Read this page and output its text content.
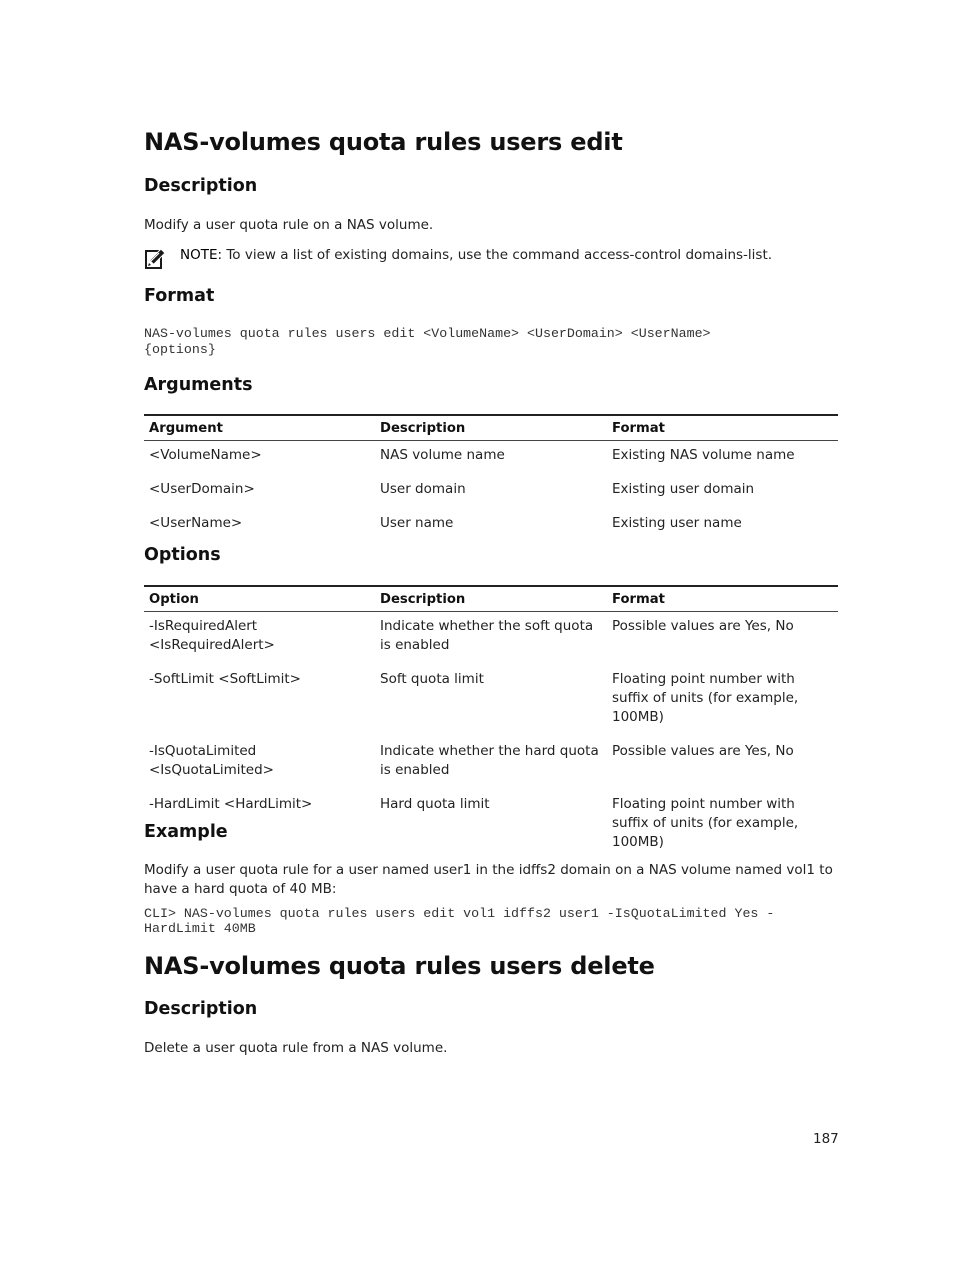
NAS-volumes quota rules users edit
Description

Modify a user quota rule on a NAS volume.

NOTE: To view a list of existing domains, use the command access-control domains-list.
Format
NAS-volumes quota rules users edit <VolumeName> <UserDomain> <UserName>
{options}
Arguments
Argument	Description	Format
<VolumeName>	NAS volume name	Existing NAS volume name
<UserDomain>	User domain	Existing user domain
<UserName>	User name	Existing user name
Options
Option	Description	Format
-IsRequiredAlert <IsRequiredAlert>	Indicate whether the soft quota is enabled	Possible values are Yes, No
-SoftLimit <SoftLimit>	Soft quota limit	Floating point number with suffix of units (for example, 100MB)
-IsQuotaLimited <IsQuotaLimited>	Indicate whether the hard quota is enabled	Possible values are Yes, No
-HardLimit <HardLimit>	Hard quota limit	Floating point number with suffix of units (for example, 100MB)
Example

Modify a user quota rule for a user named user1 in the idffs2 domain on a NAS volume named vol1 to have a hard quota of 40 MB:

CLI> NAS-volumes quota rules users edit vol1 idffs2 user1 -IsQuotaLimited Yes -
HardLimit 40MB
NAS-volumes quota rules users delete
Description

Delete a user quota rule from a NAS volume.

187
